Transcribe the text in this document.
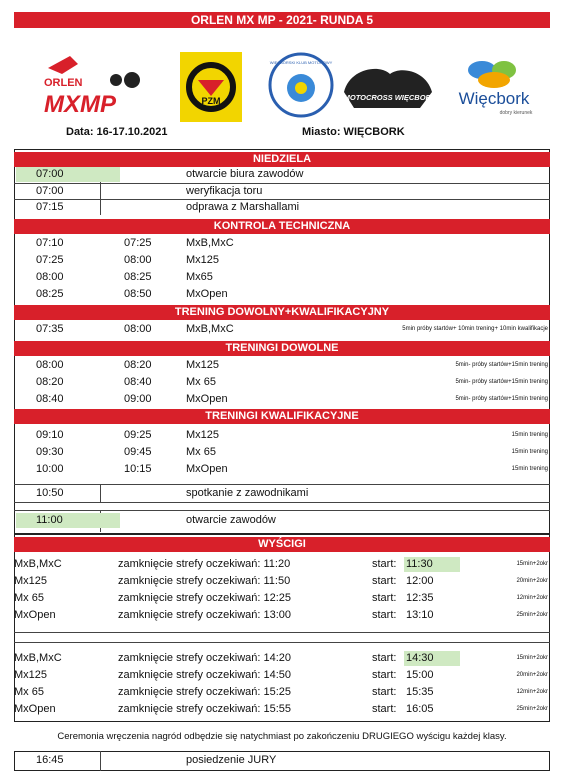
ORLEN MX MP - 2021- RUNDA 5
ORLEN
MXMP	PZM
WIĘCBORSKI KLUB MOTOROWY
MOTOCROSS WIĘCBORK Więcbork
dobry kierunek
Data: 16-17.10.2021	Miasto: WIĘCBORK
NIEDZIELA
07:00	otwarcie biura zawodów
07:00	weryfikacja toru
07:15	odprawa z Marshallami
KONTROLA TECHNICZNA
07:10	07:25	MxB,MxC
07:25	08:00	Mx125
08:00	08:25	Mx65
08:25	08:50	MxOpen
TRENING DOWOLNY+KWALIFIKACYJNY
07:35	08:00	MxB,MxC	5min próby startów+ 10min trening+ 10min kwalifikacje
TRENINGI DOWOLNE
08:00	08:20	Mx125	5min- próby startów+15min trening
08:20	08:40	Mx 65	5min- próby startów+15min trening
08:40	09:00	MxOpen	5min- próby startów+15min trening
TRENINGI KWALIFIKACYJNE
09:10	09:25	Mx125	15min trening
09:30	09:45	Mx 65	15min trening
10:00	10:15	MxOpen	15min trening
10:50	spotkanie z zawodnikami
11:00	otwarcie zawodów
WYŚCIGI
MxB,MxC	zamknięcie strefy oczekiwań: 11:20	start: 11:30	15min+2okr
Mx125	zamknięcie strefy oczekiwań: 11:50	start: 12:00	20min+2okr
Mx 65	zamknięcie strefy oczekiwań: 12:25	start: 12:35	12min+2okr
MxOpen	zamknięcie strefy oczekiwań: 13:00	start: 13:10	25min+2okr
MxB,MxC	zamknięcie strefy oczekiwań: 14:20	start: 14:30	15min+2okr
Mx125	zamknięcie strefy oczekiwań: 14:50	start: 15:00	20min+2okr
Mx 65	zamknięcie strefy oczekiwań: 15:25	start: 15:35	12min+2okr
MxOpen	zamknięcie strefy oczekiwań: 15:55	start: 16:05	25min+2okr
Ceremonia wręczenia nagród odbędzie się natychmiast po zakończeniu DRUGIEGO wyścigu każdej klasy.
16:45	posiedzenie JURY
